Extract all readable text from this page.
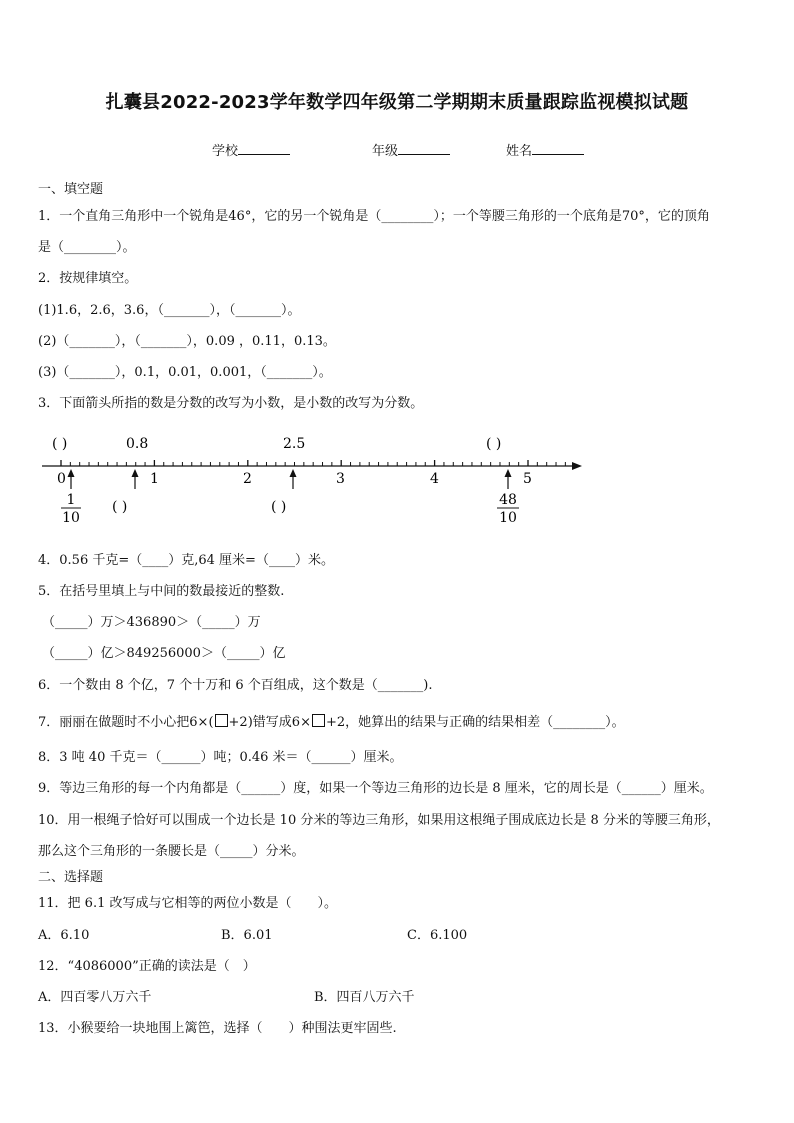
扎囊县2022-2023学年数学四年级第二学期期末质量跟踪监视模拟试题
学校	年级	姓名
一、填空题
1．一个直角三角形中一个锐角是46°，它的另一个锐角是（________）；一个等腰三角形的一个底角是70°，它的顶角
是（________）。
2．按规律填空。
(1)1.6，2.6，3.6，（_______），（_______）。
(2)（_______），（_______），0.09 ，0.11，0.13。
(3)（_______），0.1，0.01，0.001，（_______）。
3．下面箭头所指的数是分数的改写为小数，是小数的改写为分数。
( )	0.8	2.5	( )
0	1	2	3	4	5
1
10
( )	( )	48
10
4．0.56 千克=（____）克,64 厘米=（____）米。
5．在括号里填上与中间的数最接近的整数.
（_____）万＞436890＞（_____）万
（_____）亿＞849256000＞（_____）亿
6．一个数由 8 个亿，7 个十万和 6 个百组成，这个数是（_______).
7．丽丽在做题时不小心把6×( +2)错写成6× +2，她算出的结果与正确的结果相差（________）。
8．3 吨 40 千克＝（______）吨；0.46 米＝（______）厘米。
9．等边三角形的每一个内角都是（______）度，如果一个等边三角形的边长是 8 厘米，它的周长是（______）厘米。
10．用一根绳子恰好可以围成一个边长是 10 分米的等边三角形，如果用这根绳子围成底边长是 8 分米的等腰三角形，
那么这个三角形的一条腰长是（_____）分米。
二、选择题
11．把 6.1 改写成与它相等的两位小数是（　　）。
A．6.10	B．6.01	C．6.100
12．“4086000”正确的读法是（　）
A．四百零八万六千	B．四百八万六千
13．小猴要给一块地围上篱笆，选择（　　）种围法更牢固些.
